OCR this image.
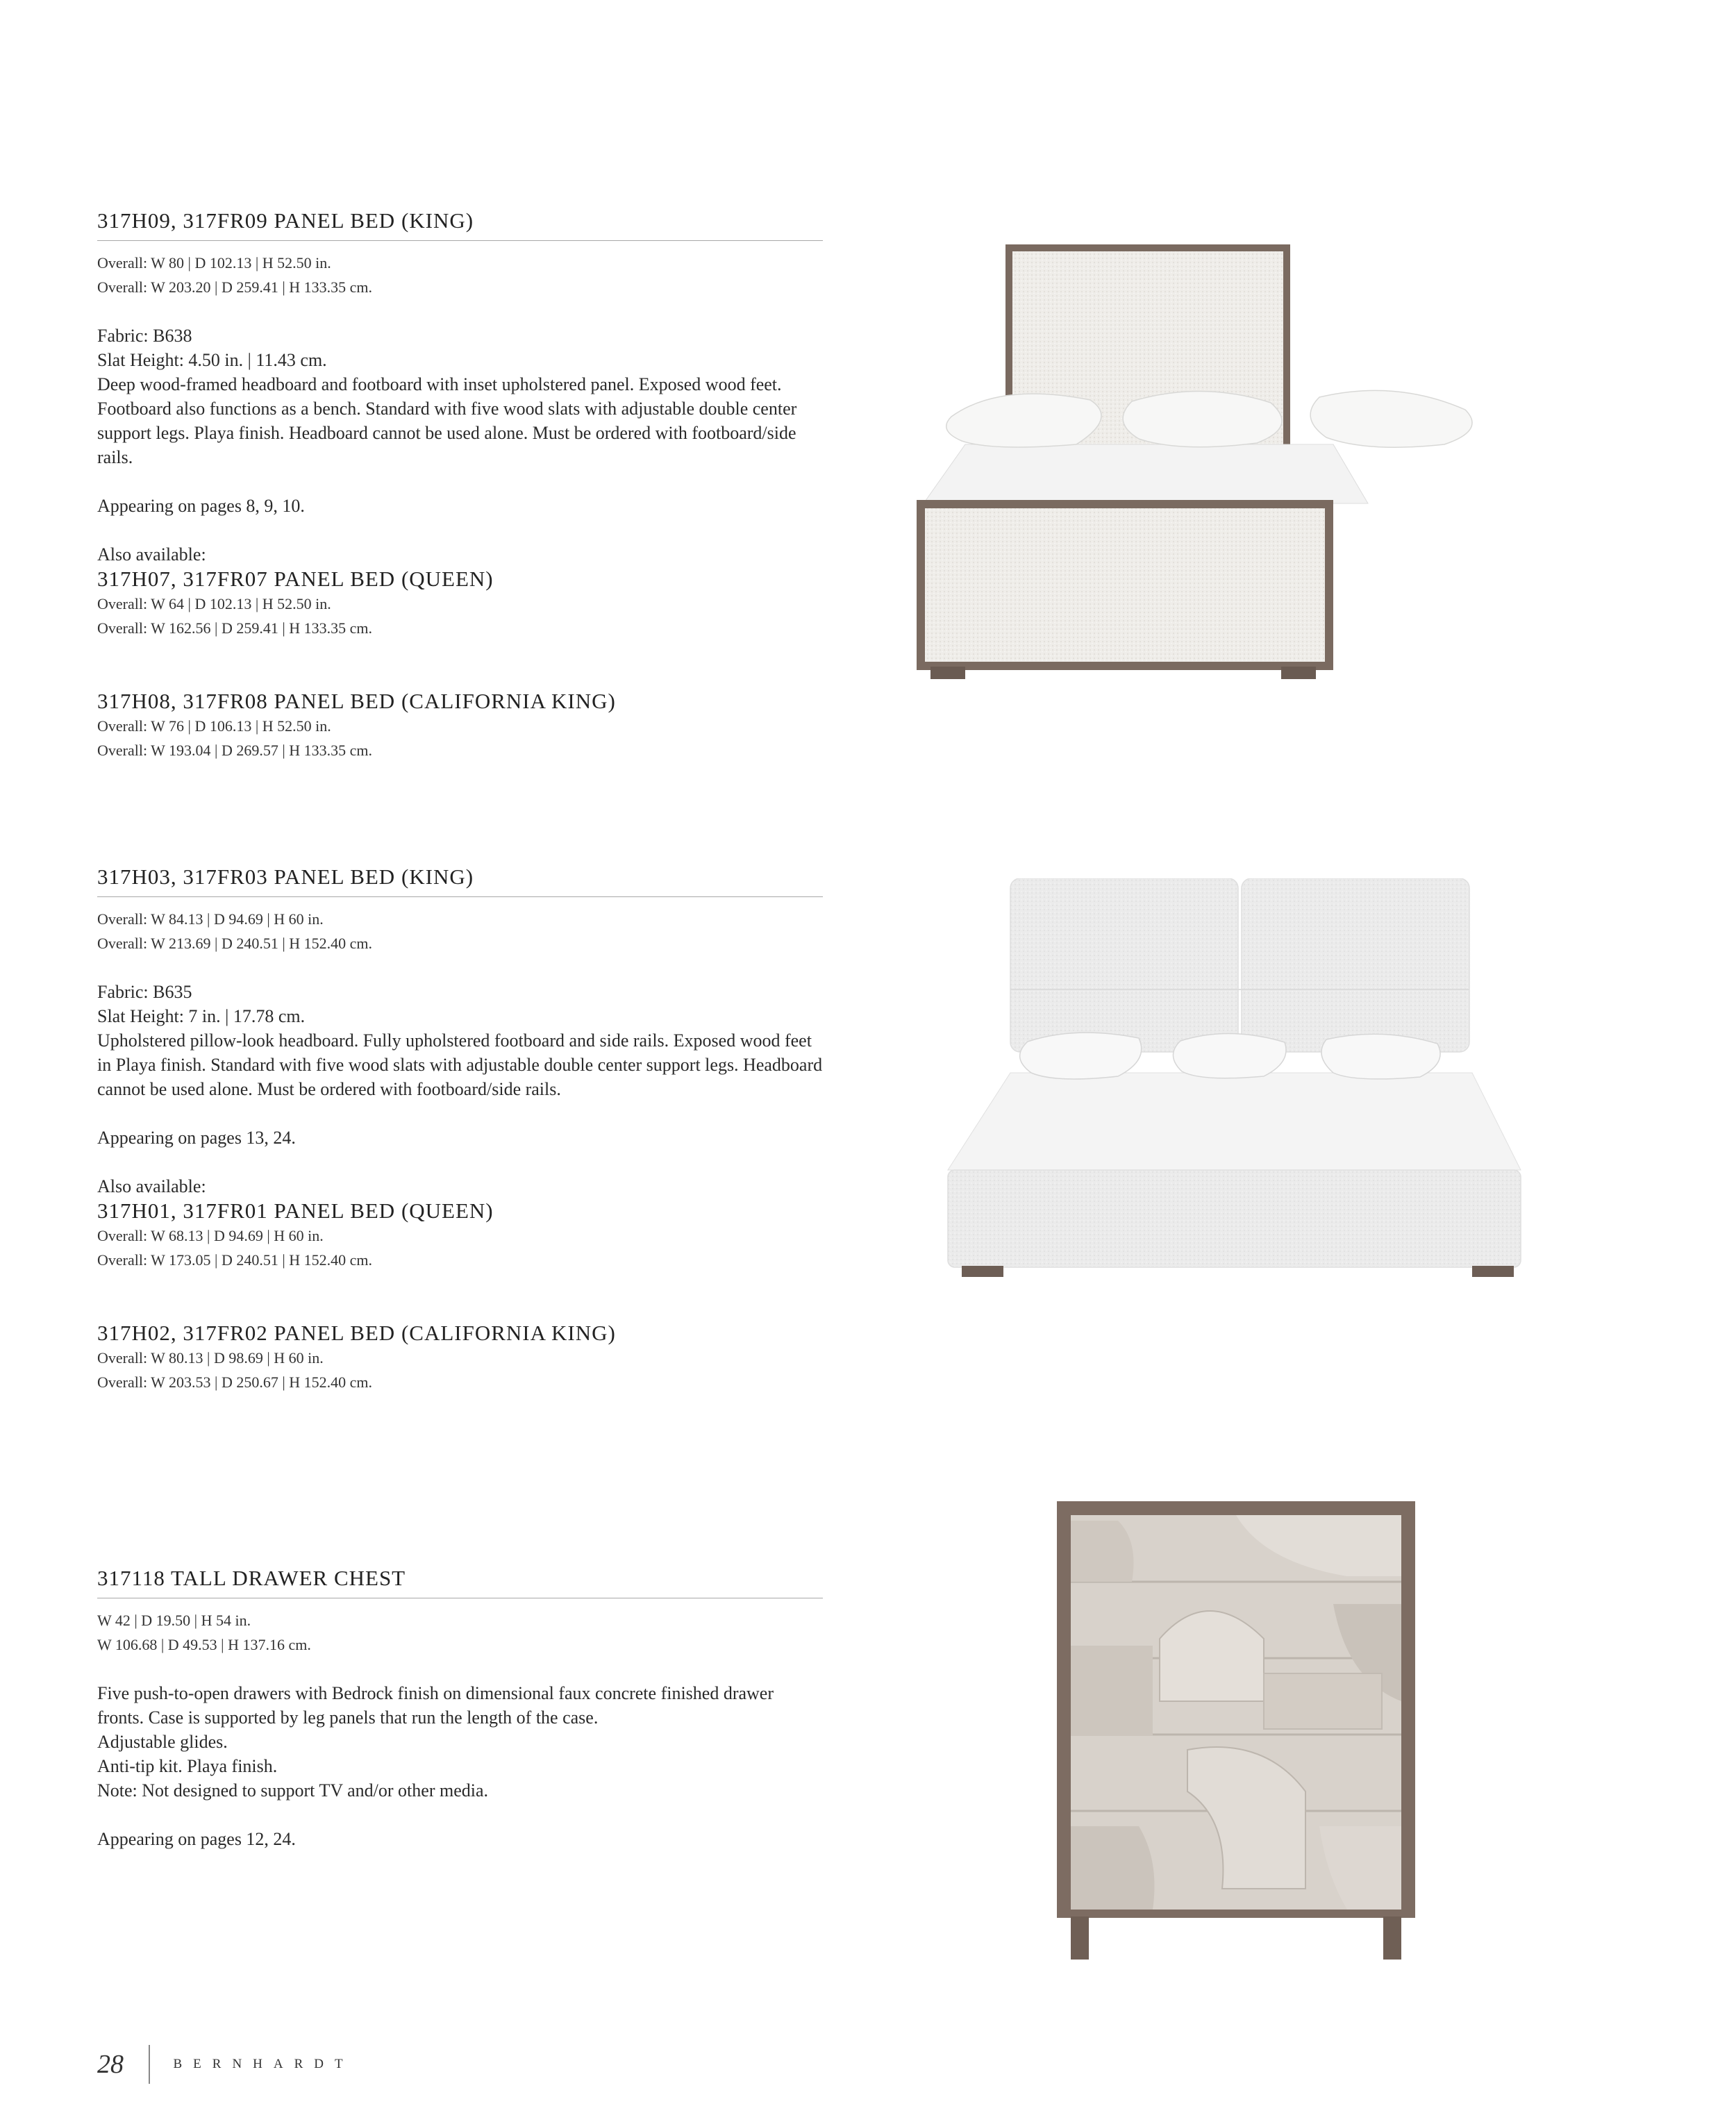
317H09, 317FR09 PANEL BED (KING)

Overall: W 80 | D 102.13 | H 52.50 in.

Overall: W 203.20 | D 259.41 | H 133.35 cm.

Fabric: B638

Slat Height: 4.50 in. | 11.43 cm.

Deep wood-framed headboard and footboard with inset upholstered panel. Exposed wood feet. Footboard also functions as a bench. Standard with five wood slats with adjustable double center support legs. Playa finish. Headboard cannot be used alone. Must be ordered with footboard/side rails.

Appearing on pages 8, 9, 10.

Also available:

317H07, 317FR07 PANEL BED (QUEEN)

Overall: W 64 | D 102.13 | H 52.50 in.

Overall: W 162.56 | D 259.41 | H 133.35 cm.

317H08, 317FR08 PANEL BED (CALIFORNIA KING)

Overall: W 76 | D 106.13 | H 52.50 in.

Overall: W 193.04 | D 269.57 | H 133.35 cm.

317H03, 317FR03 PANEL BED (KING)

Overall: W 84.13 | D 94.69 | H 60 in.

Overall: W 213.69 | D 240.51 | H 152.40 cm.

Fabric: B635

Slat Height: 7 in. | 17.78 cm.

Upholstered pillow-look headboard. Fully upholstered footboard and side rails. Exposed wood feet in Playa finish. Standard with five wood slats with adjustable double center support legs. Headboard cannot be used alone. Must be ordered with footboard/side rails.

Appearing on pages 13, 24.

Also available:

317H01, 317FR01 PANEL BED (QUEEN)

Overall: W 68.13 | D 94.69 | H 60 in.

Overall: W 173.05 | D 240.51 | H 152.40 cm.

317H02, 317FR02 PANEL BED (CALIFORNIA KING)

Overall: W 80.13 | D 98.69 | H 60 in.

Overall: W 203.53 | D 250.67 | H 152.40 cm.

317118 TALL DRAWER CHEST

W 42 | D 19.50 | H 54 in.

W 106.68 | D 49.53 | H 137.16 cm.

Five push-to-open drawers with Bedrock finish on dimensional faux concrete finished drawer fronts. Case is supported by leg panels that run the length of the case.

Adjustable glides.

Anti-tip kit. Playa finish.

Note: Not designed to support TV and/or other media.

Appearing on pages 12, 24.

28	BERNHARDT
